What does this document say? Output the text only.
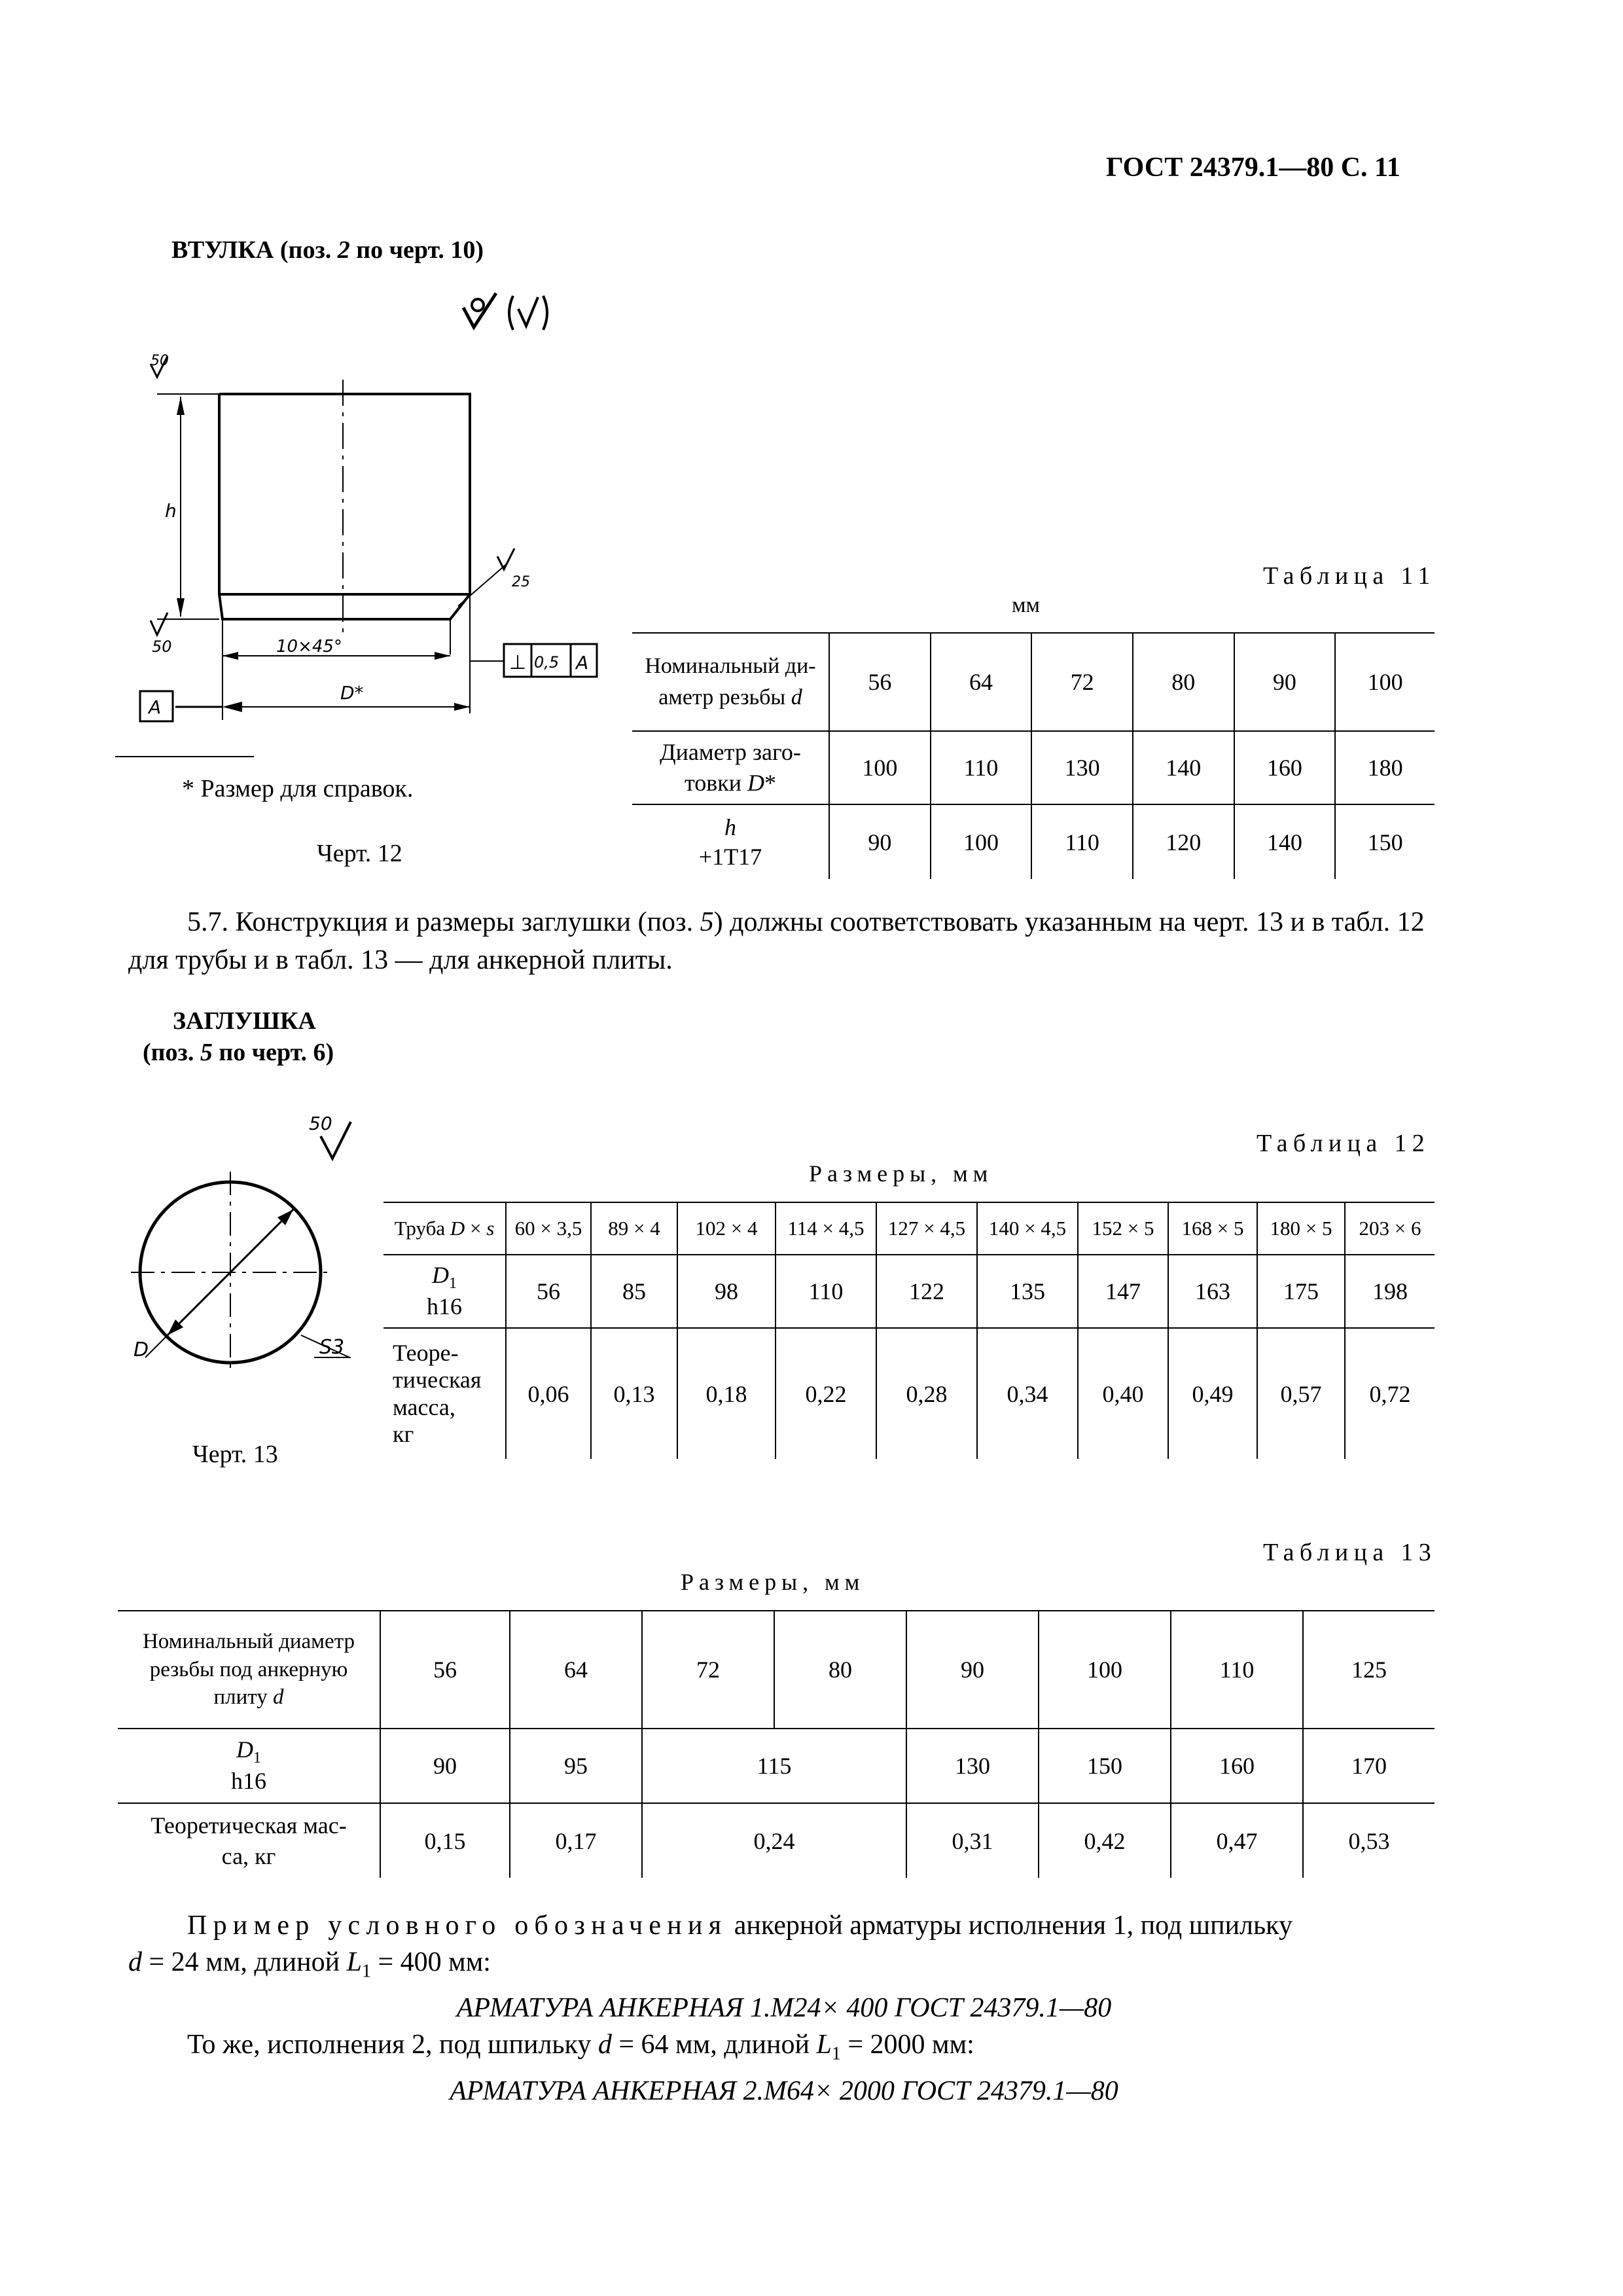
ГОСТ 24379.1—80 С. 11
ВТУЛКА (поз. 2 по черт. 10)
50
50
25
h
10×45°
D*
A
⊥ 0,5 A
* Размер для справок.
Черт. 12
Таблица 11
мм
Номинальный ди-
аметр резьбы d	56	64	72	80	90	100
Диаметр заго-
товки D*	100	110	130	140	160	180
h
+1T17	90	100	110	120	140	150
5.7. Конструкция и размеры заглушки (поз. 5) должны соответствовать указанным на черт. 13 и в табл. 12 для трубы и в табл. 13 — для анкерной плиты.
ЗАГЛУШКА
(поз. 5 по черт. 6)
50
D	S3
Черт. 13
Таблица 12
Размеры, мм
Труба D × s	60 × 3,5	89 × 4	102 × 4	114 × 4,5	127 × 4,5	140 × 4,5	152 × 5	168 × 5	180 × 5	203 × 6
$D_1$
h16	56	85	98	110	122	135	147	163	175	198
Теоре-
тическая
масса,
кг	0,06	0,13	0,18	0,22	0,28	0,34	0,40	0,49	0,57	0,72
Таблица 13
Размеры, мм
Номинальный диаметр
резьбы под анкерную
плиту d	56	64	72	80	90	100	110	125
$D_1$
h16	90	95	115		130	150	160	170
Теоретическая мас-
са, кг	0,15	0,17	0,24		0,31	0,42	0,47	0,53
Пример условного обозначения анкерной арматуры исполнения 1, под шпильку
d = 24 мм, длиной $L_1 = 400$ мм:
АРМАТУРА АНКЕРНАЯ 1.М24× 400 ГОСТ 24379.1—80
То же, исполнения 2, под шпильку d = 64 мм, длиной $L_1 = 2000$ мм:
АРМАТУРА АНКЕРНАЯ 2.М64× 2000 ГОСТ 24379.1—80
